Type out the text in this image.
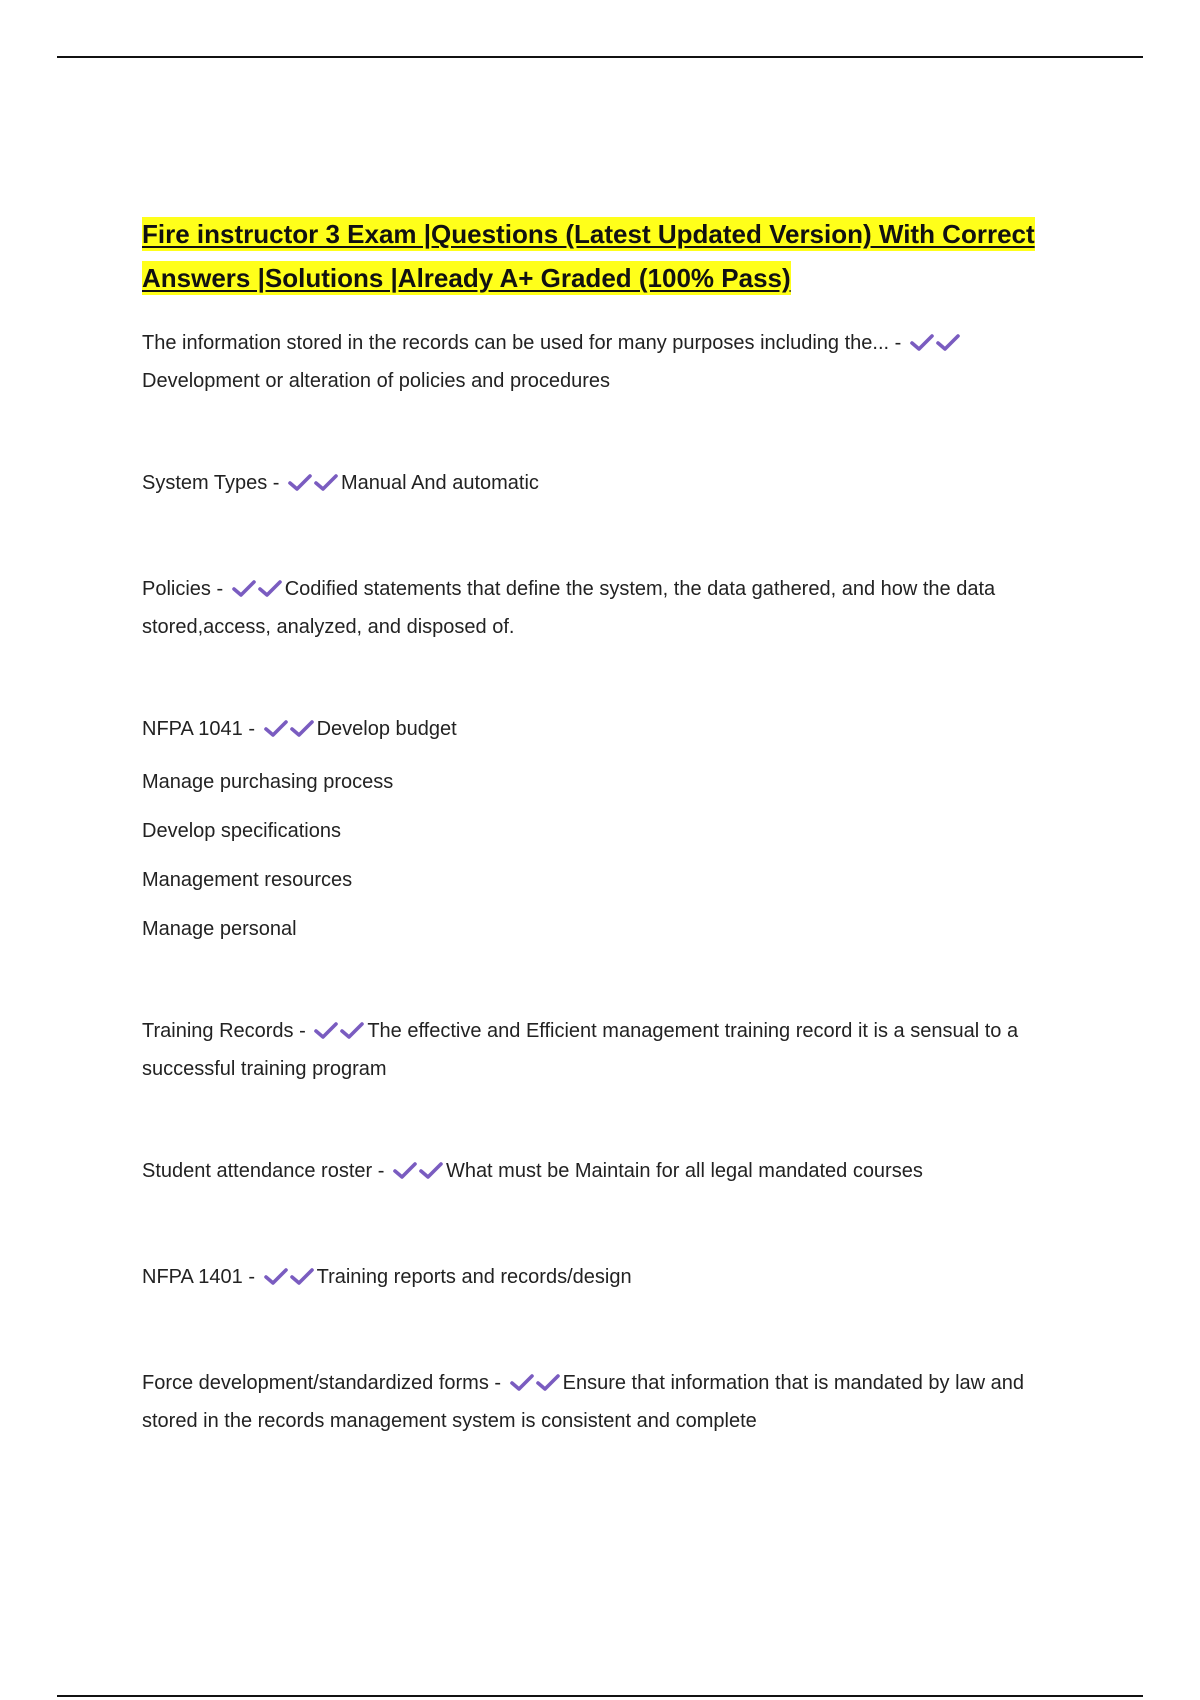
Fire instructor 3 Exam |Questions (Latest Updated Version) With Correct Answers |Solutions |Already A+ Graded (100% Pass)

The information stored in the records can be used for many purposes including the... - Development or alteration of policies and procedures

System Types -	Manual And automatic

Policies -	Codified statements that define the system, the data gathered, and how the data stored,access, analyzed, and disposed of.

NFPA 1041 -	Develop budget

Manage purchasing process

Develop specifications

Management resources

Manage personal

Training Records -	The effective and Efficient management training record it is a sensual to a successful training program

Student attendance roster -	What must be Maintain for all legal mandated courses

NFPA 1401 -	Training reports and records/design

Force development/standardized forms -	Ensure that information that is mandated by law and stored in the records management system is consistent and complete
